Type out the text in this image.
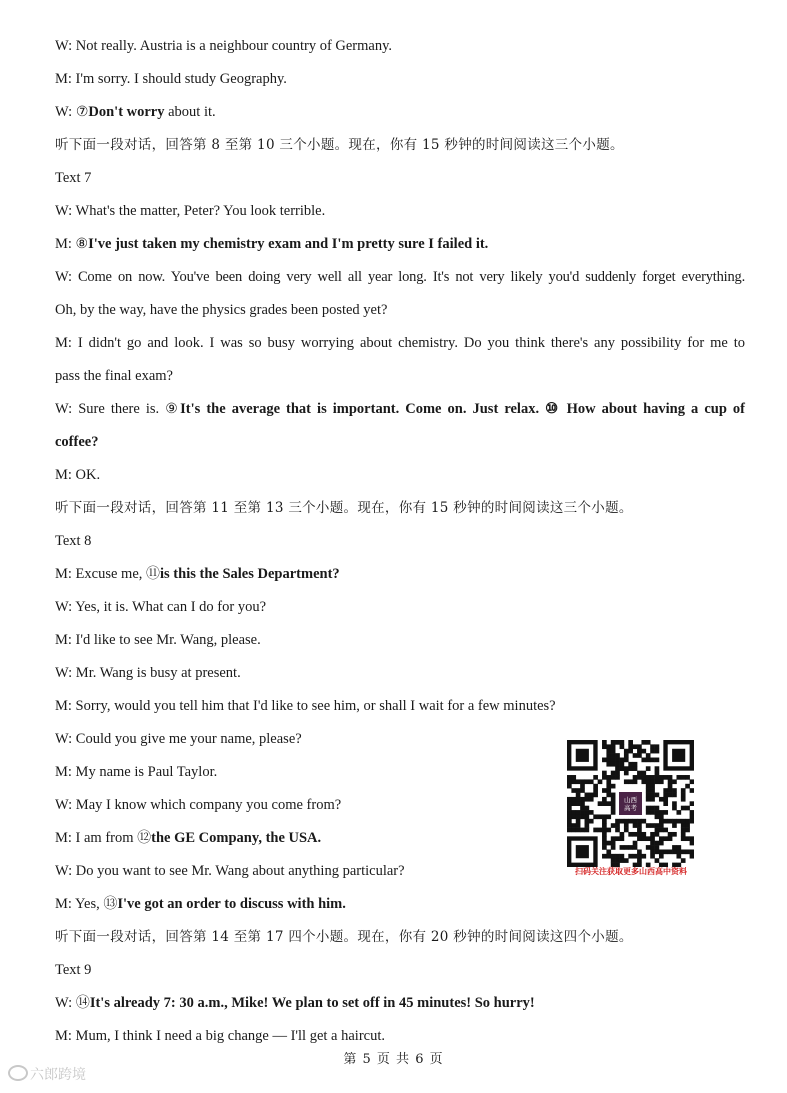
W: Not really. Austria is a neighbour country of Germany.
M: I'm sorry. I should study Geography.
W: ⑦Don't worry about it.
听下面一段对话，回答第 8 至第 10 三个小题。现在，你有 15 秒钟的时间阅读这三个小题。
Text 7
W: What's the matter, Peter? You look terrible.
M: ⑧I've just taken my chemistry exam and I'm pretty sure I failed it.
W: Come on now. You've been doing very well all year long. It's not very likely you'd suddenly forget everything.
Oh, by the way, have the physics grades been posted yet?
M: I didn't go and look. I was so busy worrying about chemistry. Do you think there's any possibility for me to
pass the final exam?
W: Sure there is. ⑨It's the average that is important. Come on. Just relax. ⑩ How about having a cup of
coffee?
M: OK.
听下面一段对话，回答第 11 至第 13 三个小题。现在，你有 15 秒钟的时间阅读这三个小题。
Text 8
M: Excuse me, ⑪is this the Sales Department?
W: Yes, it is. What can I do for you?
M: I'd like to see Mr. Wang, please.
W: Mr. Wang is busy at present.
M: Sorry, would you tell him that I'd like to see him, or shall I wait for a few minutes?
W: Could you give me your name, please?
M: My name is Paul Taylor.
W: May I know which company you come from?
M: I am from ⑫the GE Company, the USA.
W: Do you want to see Mr. Wang about anything particular?
M: Yes, ⑬I've got an order to discuss with him.
听下面一段对话，回答第 14 至第 17 四个小题。现在，你有 20 秒钟的时间阅读这四个小题。
Text 9
W: ⑭It's already 7: 30 a.m., Mike! We plan to set off in 45 minutes! So hurry!
M: Mum, I think I need a big change — I'll get a haircut.
山西
高考
扫码关注获取更多山西高中资料
第 5 页 共 6 页
六郎跨境
